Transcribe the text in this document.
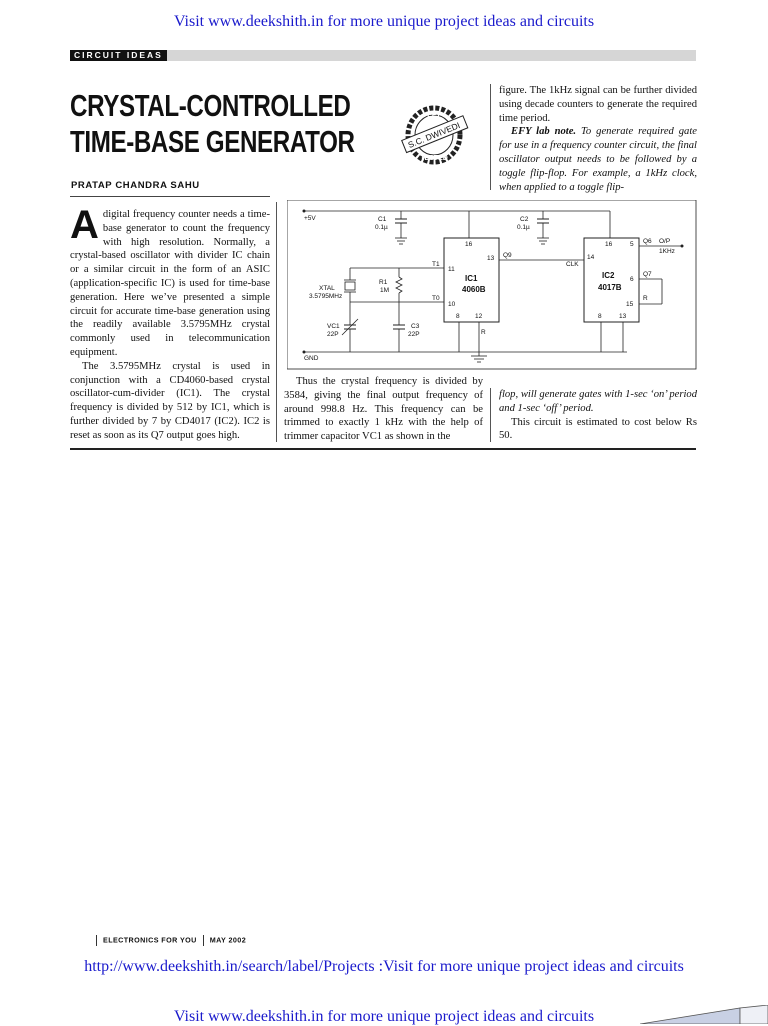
Visit www.deekshith.in for more unique project ideas and circuits
CIRCUIT IDEAS
CRYSTAL-CONTROLLED
TIME-BASE GENERATOR
EFY
TESTED
S.C. DWIVEDI
PRATAP CHANDRA SAHU

A digital frequency counter needs a time-base generator to count the frequency with high resolution. Normally, a crystal-based oscillator with divider IC chain or a similar circuit in the form of an ASIC (application-specific IC) is used for time-base generation. Here we’ve presented a simple circuit for accurate time-base generation using the readily available 3.5795MHz crystal commonly used in telecommunication equipment.

The 3.5795MHz crystal is used in conjunction with a CD4060-based crystal oscillator-cum-divider (IC1). The crystal frequency is divided by 512 by IC1, which is further divided by 7 by CD4017 (IC2). IC2 is reset as soon as its Q7 output goes high.

figure. The 1kHz signal can be further divided using decade counters to generate the required time period.

EFY lab note. To generate required gate for use in a frequency counter circuit, the final oscillator output needs to be followed by a toggle flip-flop. For example, a 1kHz clock, when applied to a toggle flip-

+5V
GND
C1
0.1µ
C2
0.1µ
16
11
10
13
8 12
IC1
4060B
T1
T0
R
Q9
XTAL
3.5795MHz
R1
1M
VC1
22P
C3
22P
16
14
5
6
15
8	13
IC2
4017B
CLK
Q6 O/P
1KHz
Q7
R

Thus the crystal frequency is divided by 3584, giving the final output frequency of around 998.8 Hz. This frequency can be trimmed to exactly 1 kHz with the help of trimmer capacitor VC1 as shown in the

flop, will generate gates with 1-sec ‘on’ period and 1-sec ‘off’ period.

This circuit is estimated to cost below Rs 50.

ELECTRONICS FOR YOU MAY 2002
http://www.deekshith.in/search/label/Projects :Visit for more unique project ideas and circuits
Visit www.deekshith.in for more unique project ideas and circuits
